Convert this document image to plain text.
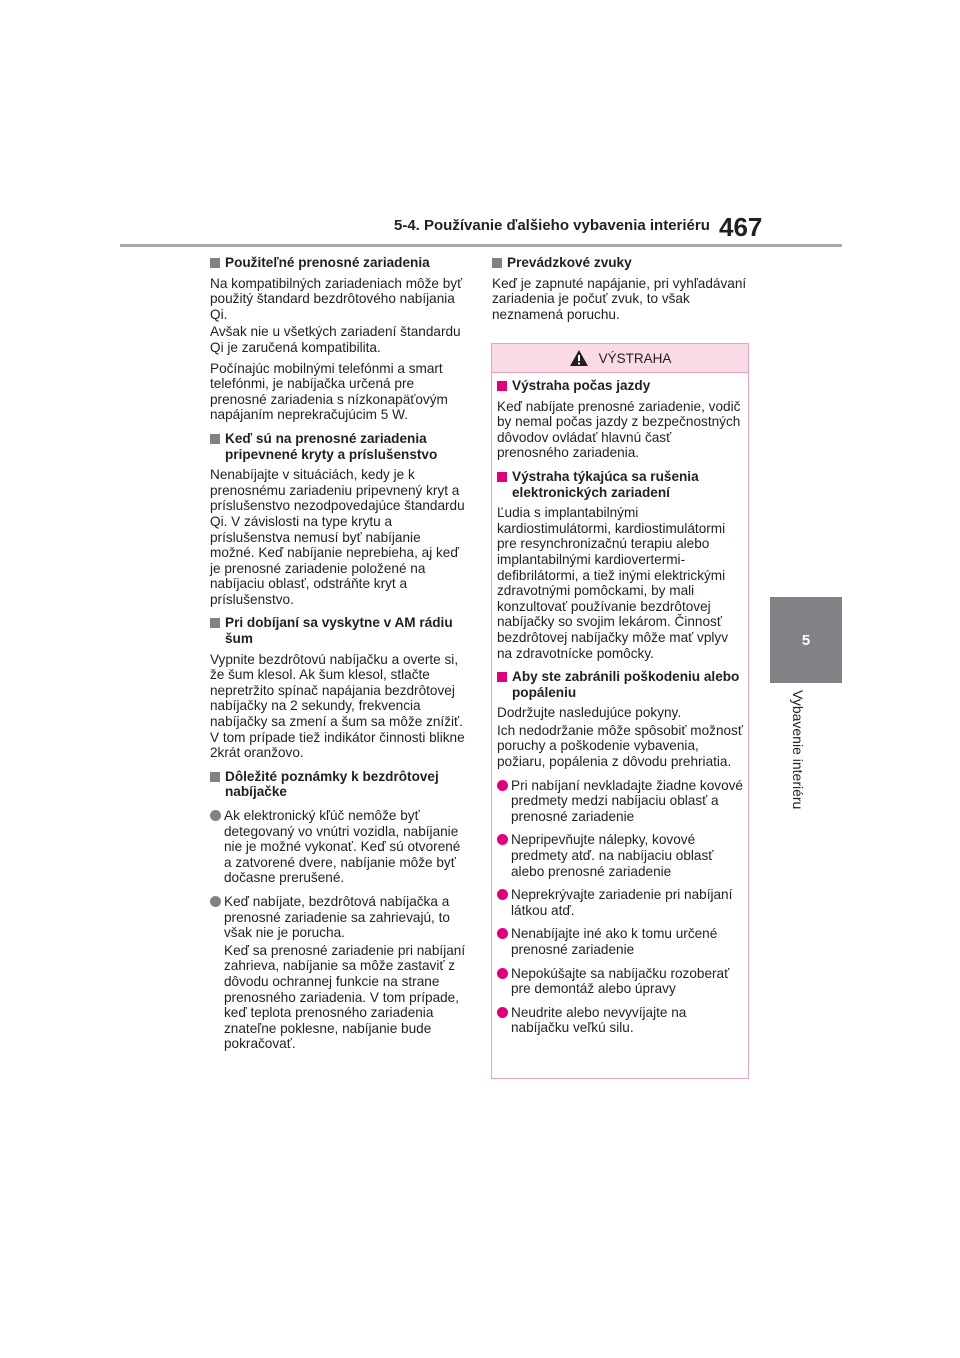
5-4. Používanie ďalšieho vybavenia interiéru 467
5
Vybavenie interiéru
Použiteľné prenosné zariadenia

Na kompatibilných zariadeniach môže byť použitý štandard bezdrôtového nabíjania Qi.

Avšak nie u všetkých zariadení štandardu Qi je zaručená kompatibilita.

Počínajúc mobilnými telefónmi a smart telefónmi, je nabíjačka určená pre prenosné zariadenia s nízkonapäťovým napájaním neprekračujúcim 5 W.

Keď sú na prenosné zariadenia pripevnené kryty a príslušenstvo

Nenabíjajte v situáciách, kedy je k prenosnému zariadeniu pripevnený kryt a príslušenstvo nezodpovedajúce štandardu Qi. V závislosti na type krytu a príslušenstva nemusí byť nabíjanie možné. Keď nabíjanie neprebieha, aj keď je prenosné zariadenie položené na nabíjaciu oblasť, odstráňte kryt a príslušenstvo.

Pri dobíjaní sa vyskytne v AM rádiu šum

Vypnite bezdrôtovú nabíjačku a overte si, že šum klesol. Ak šum klesol, stlačte nepretržito spínač napájania bezdrôtovej nabíjačky na 2 sekundy, frekvencia nabíjačky sa zmení a šum sa môže znížiť. V tom prípade tiež indikátor činnosti blikne 2krát oranžovo.

Dôležité poznámky k bezdrôtovej nabíjačke
Ak elektronický kľúč nemôže byť detegovaný vo vnútri vozidla, nabíjanie nie je možné vykonať. Keď sú otvorené a zatvorené dvere, nabíjanie môže byť dočasne prerušené.
Keď nabíjate, bezdrôtová nabíjačka a prenosné zariadenie sa zahrievajú, to však nie je porucha.

Keď sa prenosné zariadenie pri nabíjaní zahrieva, nabíjanie sa môže zastaviť z dôvodu ochrannej funkcie na strane prenosného zariadenia. V tom prípade, keď teplota prenosného zariadenia znateľne poklesne, nabíjanie bude pokračovať.

Prevádzkové zvuky

Keď je zapnuté napájanie, pri vyhľadávaní zariadenia je počuť zvuk, to však neznamená poruchu.

VÝSTRAHA
Výstraha počas jazdy

Keď nabíjate prenosné zariadenie, vodič by nemal počas jazdy z bezpečnostných dôvodov ovládať hlavnú časť prenosného zariadenia.

Výstraha týkajúca sa rušenia elektronických zariadení

Ľudia s implantabilnými kardiostimulátormi, kardiostimulátormi pre resynchronizačnú terapiu alebo implantabilnými kardiovertermi-defibrilátormi, a tiež inými elektrickými zdravotnými pomôckami, by mali konzultovať používanie bezdrôtovej nabíjačky so svojim lekárom. Činnosť bezdrôtovej nabíjačky môže mať vplyv na zdravotnícke pomôcky.

Aby ste zabránili poškodeniu alebo popáleniu

Dodržujte nasledujúce pokyny.

Ich nedodržanie môže spôsobiť možnosť poruchy a poškodenie vybavenia, požiaru, popálenia z dôvodu prehriatia.

Pri nabíjaní nevkladajte žiadne kovové predmety medzi nabíjaciu oblasť a prenosné zariadenie
Nepripevňujte nálepky, kovové predmety atď. na nabíjaciu oblasť alebo prenosné zariadenie
Neprekrývajte zariadenie pri nabíjaní látkou atď.
Nenabíjajte iné ako k tomu určené prenosné zariadenie
Nepokúšajte sa nabíjačku rozoberať pre demontáž alebo úpravy
Neudrite alebo nevyvíjajte na nabíjačku veľkú silu.
